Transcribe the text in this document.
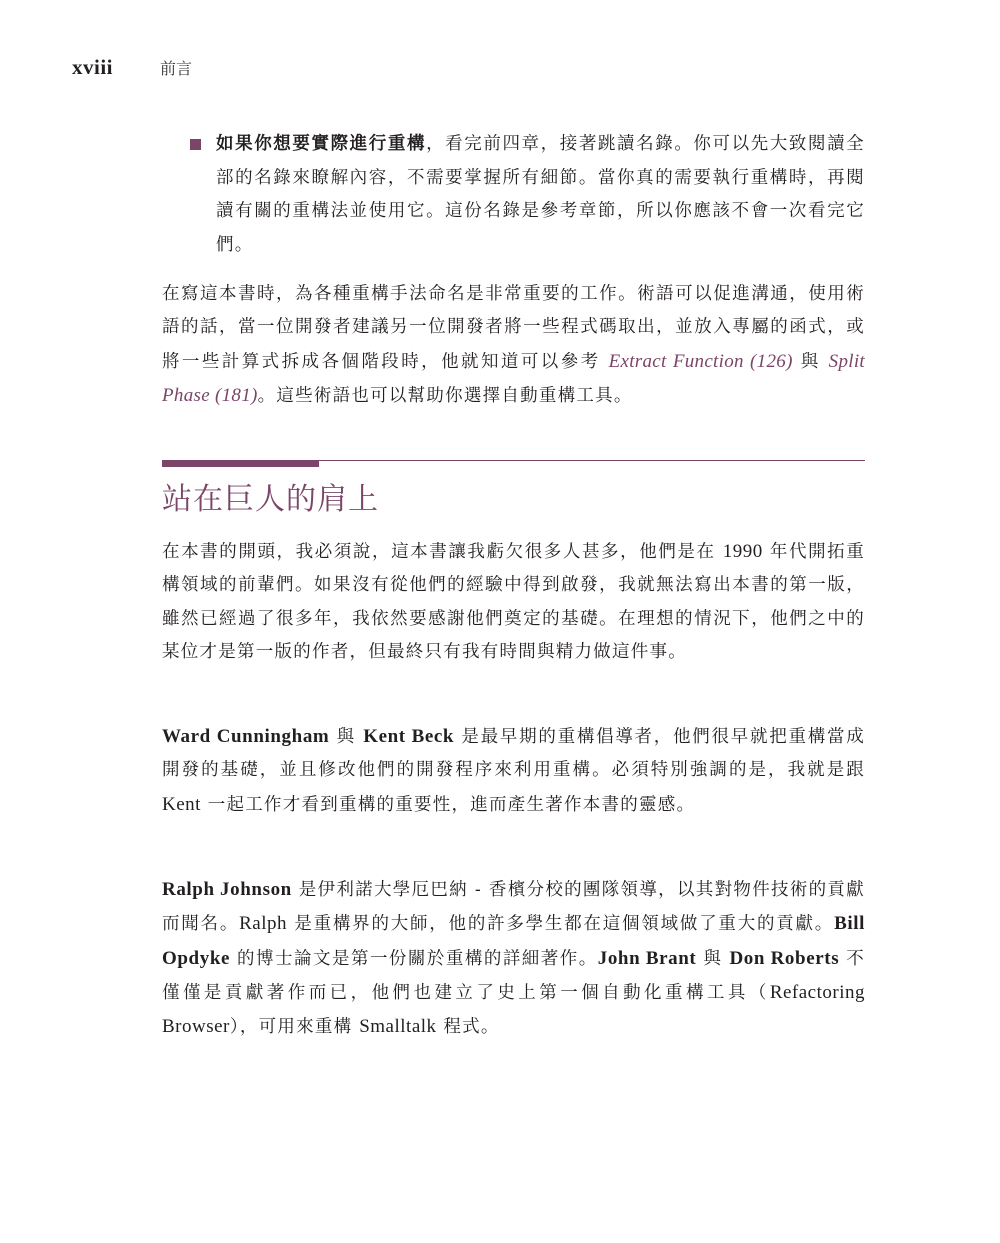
xviii	前言
如果你想要實際進行重構，看完前四章，接著跳讀名錄。你可以先大致閱讀全部的名錄來瞭解內容，不需要掌握所有細節。當你真的需要執行重構時，再閱讀有關的重構法並使用它。這份名錄是參考章節，所以你應該不會一次看完它們。

在寫這本書時，為各種重構手法命名是非常重要的工作。術語可以促進溝通，使用術語的話，當一位開發者建議另一位開發者將一些程式碼取出，並放入專屬的函式，或將一些計算式拆成各個階段時，他就知道可以參考 Extract Function (126) 與 Split Phase (181)。這些術語也可以幫助你選擇自動重構工具。

站在巨人的肩上

在本書的開頭，我必須說，這本書讓我虧欠很多人甚多，他們是在 1990 年代開拓重構領域的前輩們。如果沒有從他們的經驗中得到啟發，我就無法寫出本書的第一版，雖然已經過了很多年，我依然要感謝他們奠定的基礎。在理想的情況下，他們之中的某位才是第一版的作者，但最終只有我有時間與精力做這件事。

Ward Cunningham 與 Kent Beck 是最早期的重構倡導者，他們很早就把重構當成開發的基礎，並且修改他們的開發程序來利用重構。必須特別強調的是，我就是跟 Kent 一起工作才看到重構的重要性，進而產生著作本書的靈感。

Ralph Johnson 是伊利諾大學厄巴納 - 香檳分校的團隊領導，以其對物件技術的貢獻而聞名。Ralph 是重構界的大師，他的許多學生都在這個領域做了重大的貢獻。Bill Opdyke 的博士論文是第一份關於重構的詳細著作。John Brant 與 Don Roberts 不僅僅是貢獻著作而已，他們也建立了史上第一個自動化重構工具（Refactoring Browser），可用來重構 Smalltalk 程式。
